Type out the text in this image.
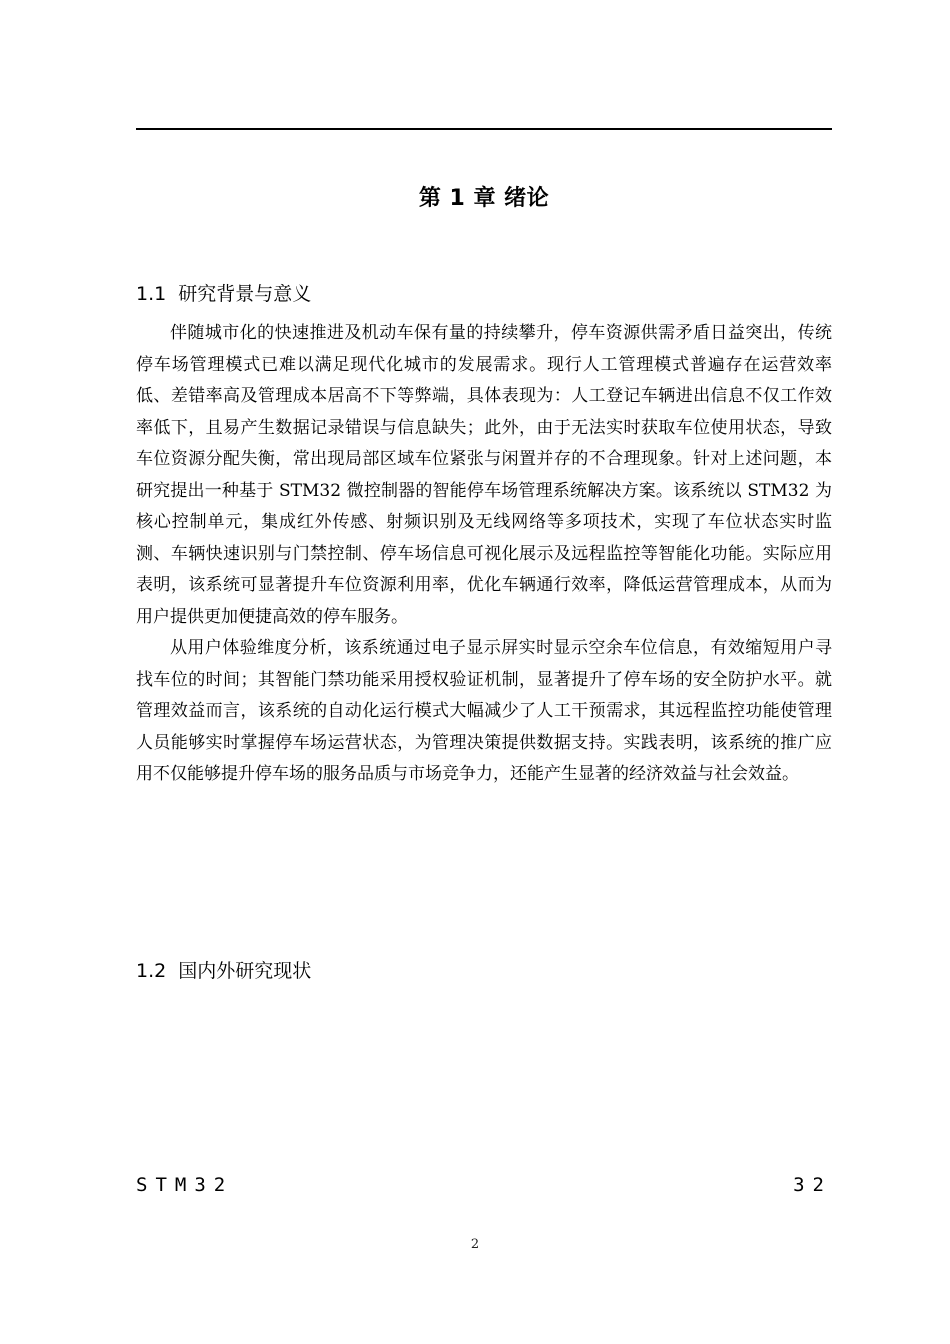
第 1 章 绪论
1.1 研究背景与意义

伴随城市化的快速推进及机动车保有量的持续攀升，停车资源供需矛盾日益突出，传统停车场管理模式已难以满足现代化城市的发展需求。现行人工管理模式普遍存在运营效率低、差错率高及管理成本居高不下等弊端，具体表现为：人工登记车辆进出信息不仅工作效率低下，且易产生数据记录错误与信息缺失；此外，由于无法实时获取车位使用状态，导致车位资源分配失衡，常出现局部区域车位紧张与闲置并存的不合理现象。针对上述问题，本研究提出一种基于 STM32 微控制器的智能停车场管理系统解决方案。该系统以 STM32 为核心控制单元，集成红外传感、射频识别及无线网络等多项技术，实现了车位状态实时监测、车辆快速识别与门禁控制、停车场信息可视化展示及远程监控等智能化功能。实际应用表明，该系统可显著提升车位资源利用率，优化车辆通行效率，降低运营管理成本，从而为用户提供更加便捷高效的停车服务。

从用户体验维度分析，该系统通过电子显示屏实时显示空余车位信息，有效缩短用户寻找车位的时间；其智能门禁功能采用授权验证机制，显著提升了停车场的安全防护水平。就管理效益而言，该系统的自动化运行模式大幅减少了人工干预需求，其远程监控功能使管理人员能够实时掌握停车场运营状态，为管理决策提供数据支持。实践表明，该系统的推广应用不仅能够提升停车场的服务品质与市场竞争力，还能产生显著的经济效益与社会效益。

1.2 国内外研究现状
STM32	32
2
